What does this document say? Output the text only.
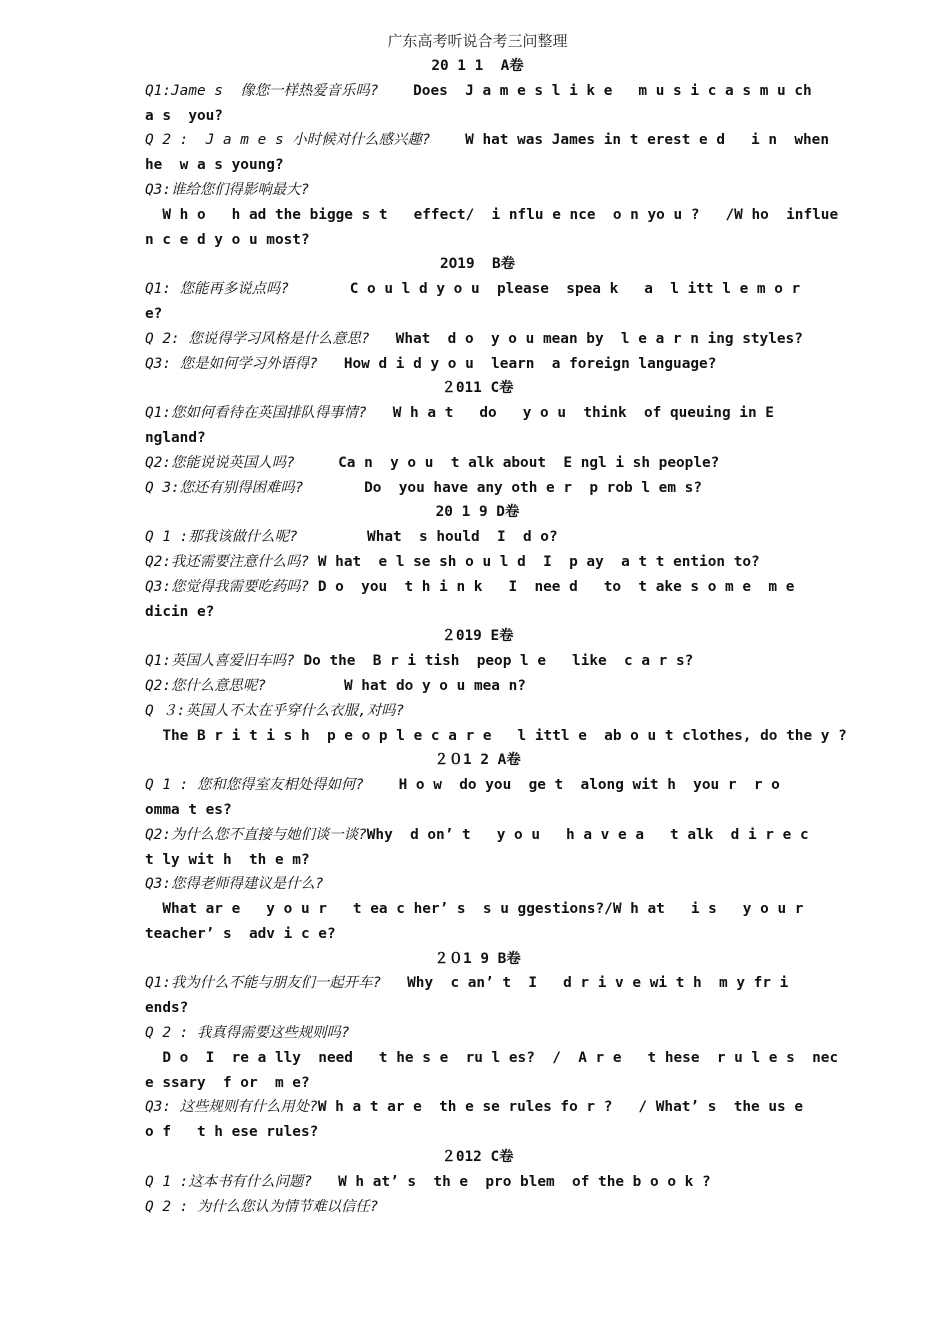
广东高考听说合考三问整理
20 1 1  A卷
Q1:Jame s  像您一样热爱音乐吗?    Does  J a m e s l i k e   m u s i c a s m u ch
a s  you?
Q 2 :  J a m e s 小时候对什么感兴趣?    W hat was James in t erest e d   i n  when
he  w a s young?
Q3:谁给您们得影响最大?
W h o   h ad the bigge s t   effect/  i nflu e nce  o n yo u ?   /W ho  influe
n c e d y o u most?
2O19  B卷
Q1: 您能再多说点吗?       C o u l d y o u  please  spea k   a  l itt l e m o r
e?
Q 2: 您说得学习风格是什么意思?   What  d o  y o u mean by  l e a r n ing styles?
Q3: 您是如何学习外语得?   How d i d y o u  learn  a foreign language?
２011 C卷
Q1:您如何看待在英国排队得事情?   W h a t   do   y o u  think  of queuing in E
ngland?
Q2:您能说说英国人吗?     Ca n  y o u  t alk about  E ngl i sh people?
Q 3:您还有别得困难吗?       Do  you have any oth e r  p rob l em s?
20 1 9 D卷
Q 1 :那我该做什么呢?        What  s hould  I  d o?
Q2:我还需要注意什么吗? W hat  e l se sh o u l d  I  p ay  a t t ention to?
Q3:您觉得我需要吃药吗? D o  you  t h i n k   I  nee d   to  t ake s o m e  m e
dicin e?
２019 E卷
Q1:英国人喜爱旧车吗? Do the  B r i tish  peop l e   like  c a r s?
Q2:您什么意思呢?         W hat do y o u mea n?
Q ３:英国人不太在乎穿什么衣服,对吗?
The B r i t i s h  p e o p l e c a r e   l ittl e  ab o u t clothes, do the y ?
２０1 2 A卷
Q 1 : 您和您得室友相处得如何?    H o w  do you  ge t  along wit h  you r  r o
omma t es?
Q2:为什么您不直接与她们谈一谈?Why  d on’ t   y o u   h a v e a   t alk  d i r e c
t ly wit h  th e m?
Q3:您得老师得建议是什么?
What ar e   y o u r   t ea c her’ s  s u ggestions?/W h at   i s   y o u r
teacher’ s  adv i c e?
２０1 9 B卷
Q1:我为什么不能与朋友们一起开车?   Why  c an’ t  I   d r i v e wi t h  m y fr i
ends?
Q 2 : 我真得需要这些规则吗?
D o  I  re a lly  need   t he s e  ru l es?  /  A r e   t hese  r u l e s  nec
e ssary  f or  m e?
Q3: 这些规则有什么用处?W h a t ar e  th e se rules fo r ?   / What’ s  the us e
o f   t h ese rules?
２012 C卷
Q 1 :这本书有什么问题?   W h at’ s  th e  pro blem  of the b o o k ?
Q 2 : 为什么您认为情节难以信任?
